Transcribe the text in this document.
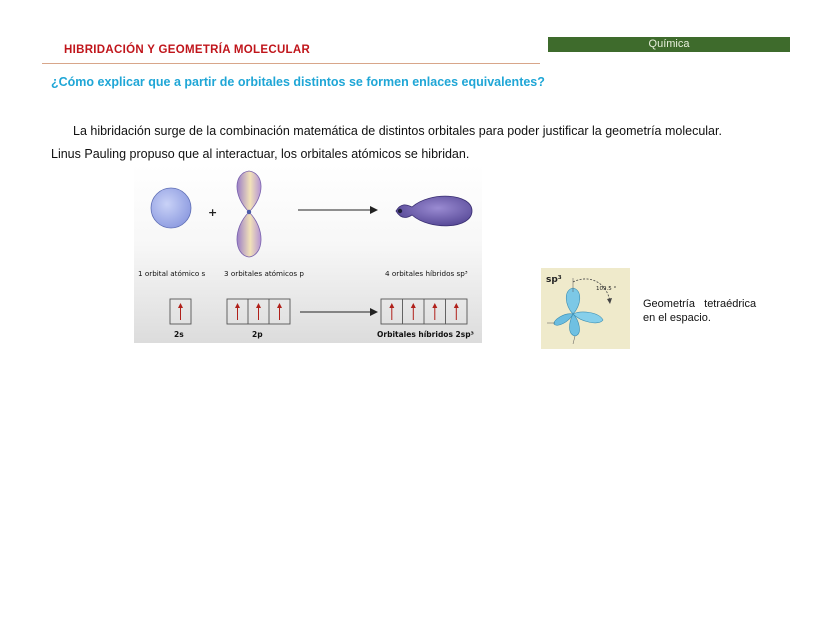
HIBRIDACIÓN Y GEOMETRÍA MOLECULAR	Química
¿Cómo explicar que a partir de orbitales distintos se formen enlaces equivalentes?
La hibridación surge de la combinación matemática de distintos orbitales para poder justificar la geometría molecular.
Linus Pauling propuso que al interactuar, los orbitales atómicos se hibridan.
+
1 orbital atómico s	3 orbitales atómicos p	4 orbitales híbridos sp³
2s	2p	Orbitales híbridos 2sp³
sp³
109.5 °
Geometría   tetraédrica
en el espacio.
